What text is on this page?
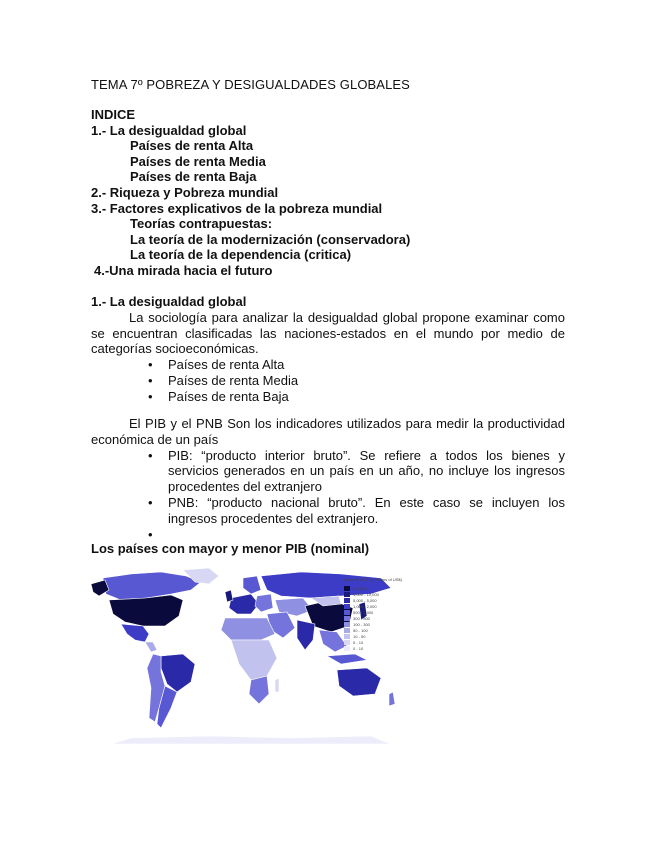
TEMA 7º POBREZA Y DESIGUALDADES GLOBALES
INDICE
1.- La desigualdad global
Países de renta Alta
Países de renta Media
Países de renta Baja
2.- Riqueza y Pobreza mundial
3.- Factores explicativos de la pobreza mundial
Teorías contrapuestas:
La teoría de la modernización (conservadora)
La teoría de la dependencia (critica)
4.-Una mirada hacia el futuro
1.- La desigualdad global

La sociología para analizar la desigualdad global propone examinar como se encuentran clasificadas las naciones-estados en el mundo por medio de categorías socioeconómicas.

• Países de renta Alta
• Países de renta Media
• Países de renta Baja

El PIB y el PNB Son los indicadores utilizados para medir la productividad económica de un país

• PIB: “producto interior bruto”. Se refiere a todos los bienes y servicios generados en un país en un año, no incluye los ingresos procedentes del extranjero
• PNB: “producto nacional bruto”. En este caso se incluyen los ingresos procedentes del extranjero.
•

Los países con mayor y menor PIB (nominal)
Nominal GDP (in billions of US$)
10,000+
1,000 - 10,000
5,000 - 5,000
1,000 - 2,000
500 - 1,000
300 - 500
100 - 300
50 - 100
10 - 50
5 - 10
0 - 10
